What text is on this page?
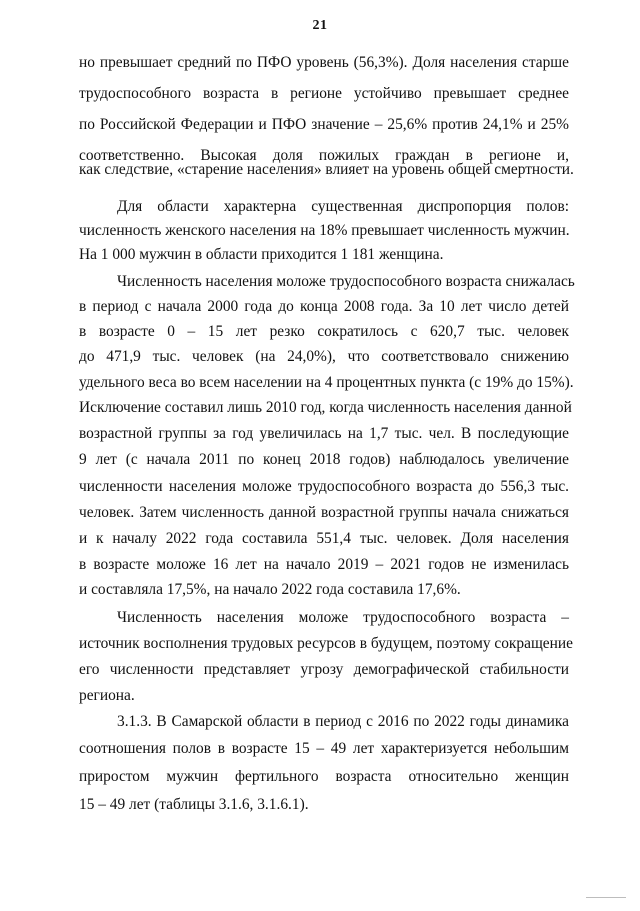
21
но превышает средний по ПФО уровень (56,3%). Доля населения старше
трудоспособного возраста в регионе устойчиво превышает среднее
по Российской Федерации и ПФО значение – 25,6% против 24,1% и 25%
соответственно. Высокая доля пожилых граждан в регионе и,
как следствие, «старение населения» влияет на уровень общей смертности.
Для области характерна существенная диспропорция полов:
численность женского населения на 18% превышает численность мужчин.
На 1 000 мужчин в области приходится 1 181 женщина.
Численность населения моложе трудоспособного возраста снижалась
в период с начала 2000 года до конца 2008 года. За 10 лет число детей
в возрасте 0 – 15 лет резко сократилось с 620,7 тыс. человек
до 471,9 тыс. человек (на 24,0%), что соответствовало снижению
удельного веса во всем населении на 4 процентных пункта (с 19% до 15%).
Исключение составил лишь 2010 год, когда численность населения данной
возрастной группы за год увеличилась на 1,7 тыс. чел. В последующие
9 лет (с начала 2011 по конец 2018 годов) наблюдалось увеличение
численности населения моложе трудоспособного возраста до 556,3 тыс.
человек. Затем численность данной возрастной группы начала снижаться
и к началу 2022 года составила 551,4 тыс. человек. Доля населения
в возрасте моложе 16 лет на начало 2019 – 2021 годов не изменилась
и составляла 17,5%, на начало 2022 года составила 17,6%.
Численность населения моложе трудоспособного возраста –
источник восполнения трудовых ресурсов в будущем, поэтому сокращение
его численности представляет угрозу демографической стабильности
региона.
3.1.3. В Самарской области в период с 2016 по 2022 годы динамика
соотношения полов в возрасте 15 – 49 лет характеризуется небольшим
приростом мужчин фертильного возраста относительно женщин
15 – 49 лет (таблицы 3.1.6, 3.1.6.1).
